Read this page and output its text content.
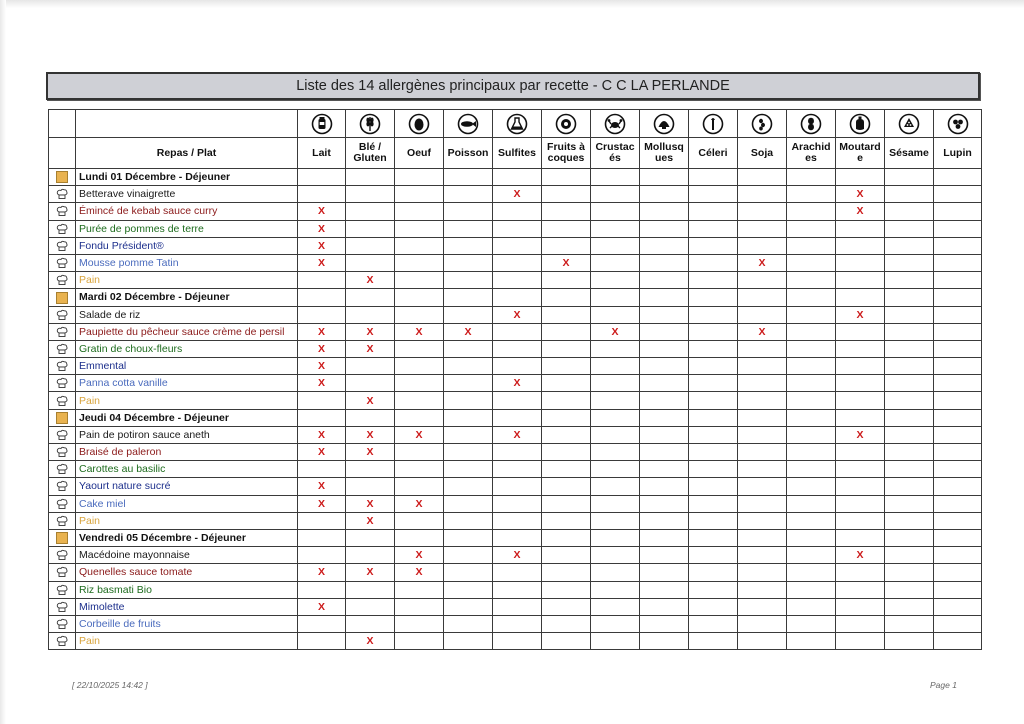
Liste des 14 allergènes principaux par recette - C C LA PERLANDE

	Repas / Plat	Lait	Blé / Gluten	Oeuf	Poisson	Sulfites	Fruits à coques	Crustac és	Mollusq ues	Céleri	Soja	Arachid es	Moutard e	Sésame	Lupin
	Lundi 01 Décembre - Déjeuner														

	Betterave vinaigrette					X							X		

	Émincé de kebab sauce curry	X											X		

	Purée de pommes de terre	X													

	Fondu Président®	X													

	Mousse pomme Tatin	X					X				X				

	Pain		X												
	Mardi 02 Décembre - Déjeuner														

	Salade de riz					X							X		

	Paupiette du pêcheur sauce crème de persil	X	X	X	X			X			X				

	Gratin de choux-fleurs	X	X												

	Emmental	X													

	Panna cotta vanille	X				X									

	Pain		X												
	Jeudi 04 Décembre - Déjeuner														

	Pain de potiron sauce aneth	X	X	X		X							X		

	Braisé de paleron	X	X												

	Carottes au basilic														

	Yaourt nature sucré	X													

	Cake miel	X	X	X											

	Pain		X												
	Vendredi 05 Décembre - Déjeuner														

	Macédoine mayonnaise			X		X							X		

	Quenelles sauce tomate	X	X	X											

	Riz basmati Bio														

	Mimolette	X													

	Corbeille de fruits														

	Pain		X												
[ 22/10/2025 14:42 ]	Page 1
